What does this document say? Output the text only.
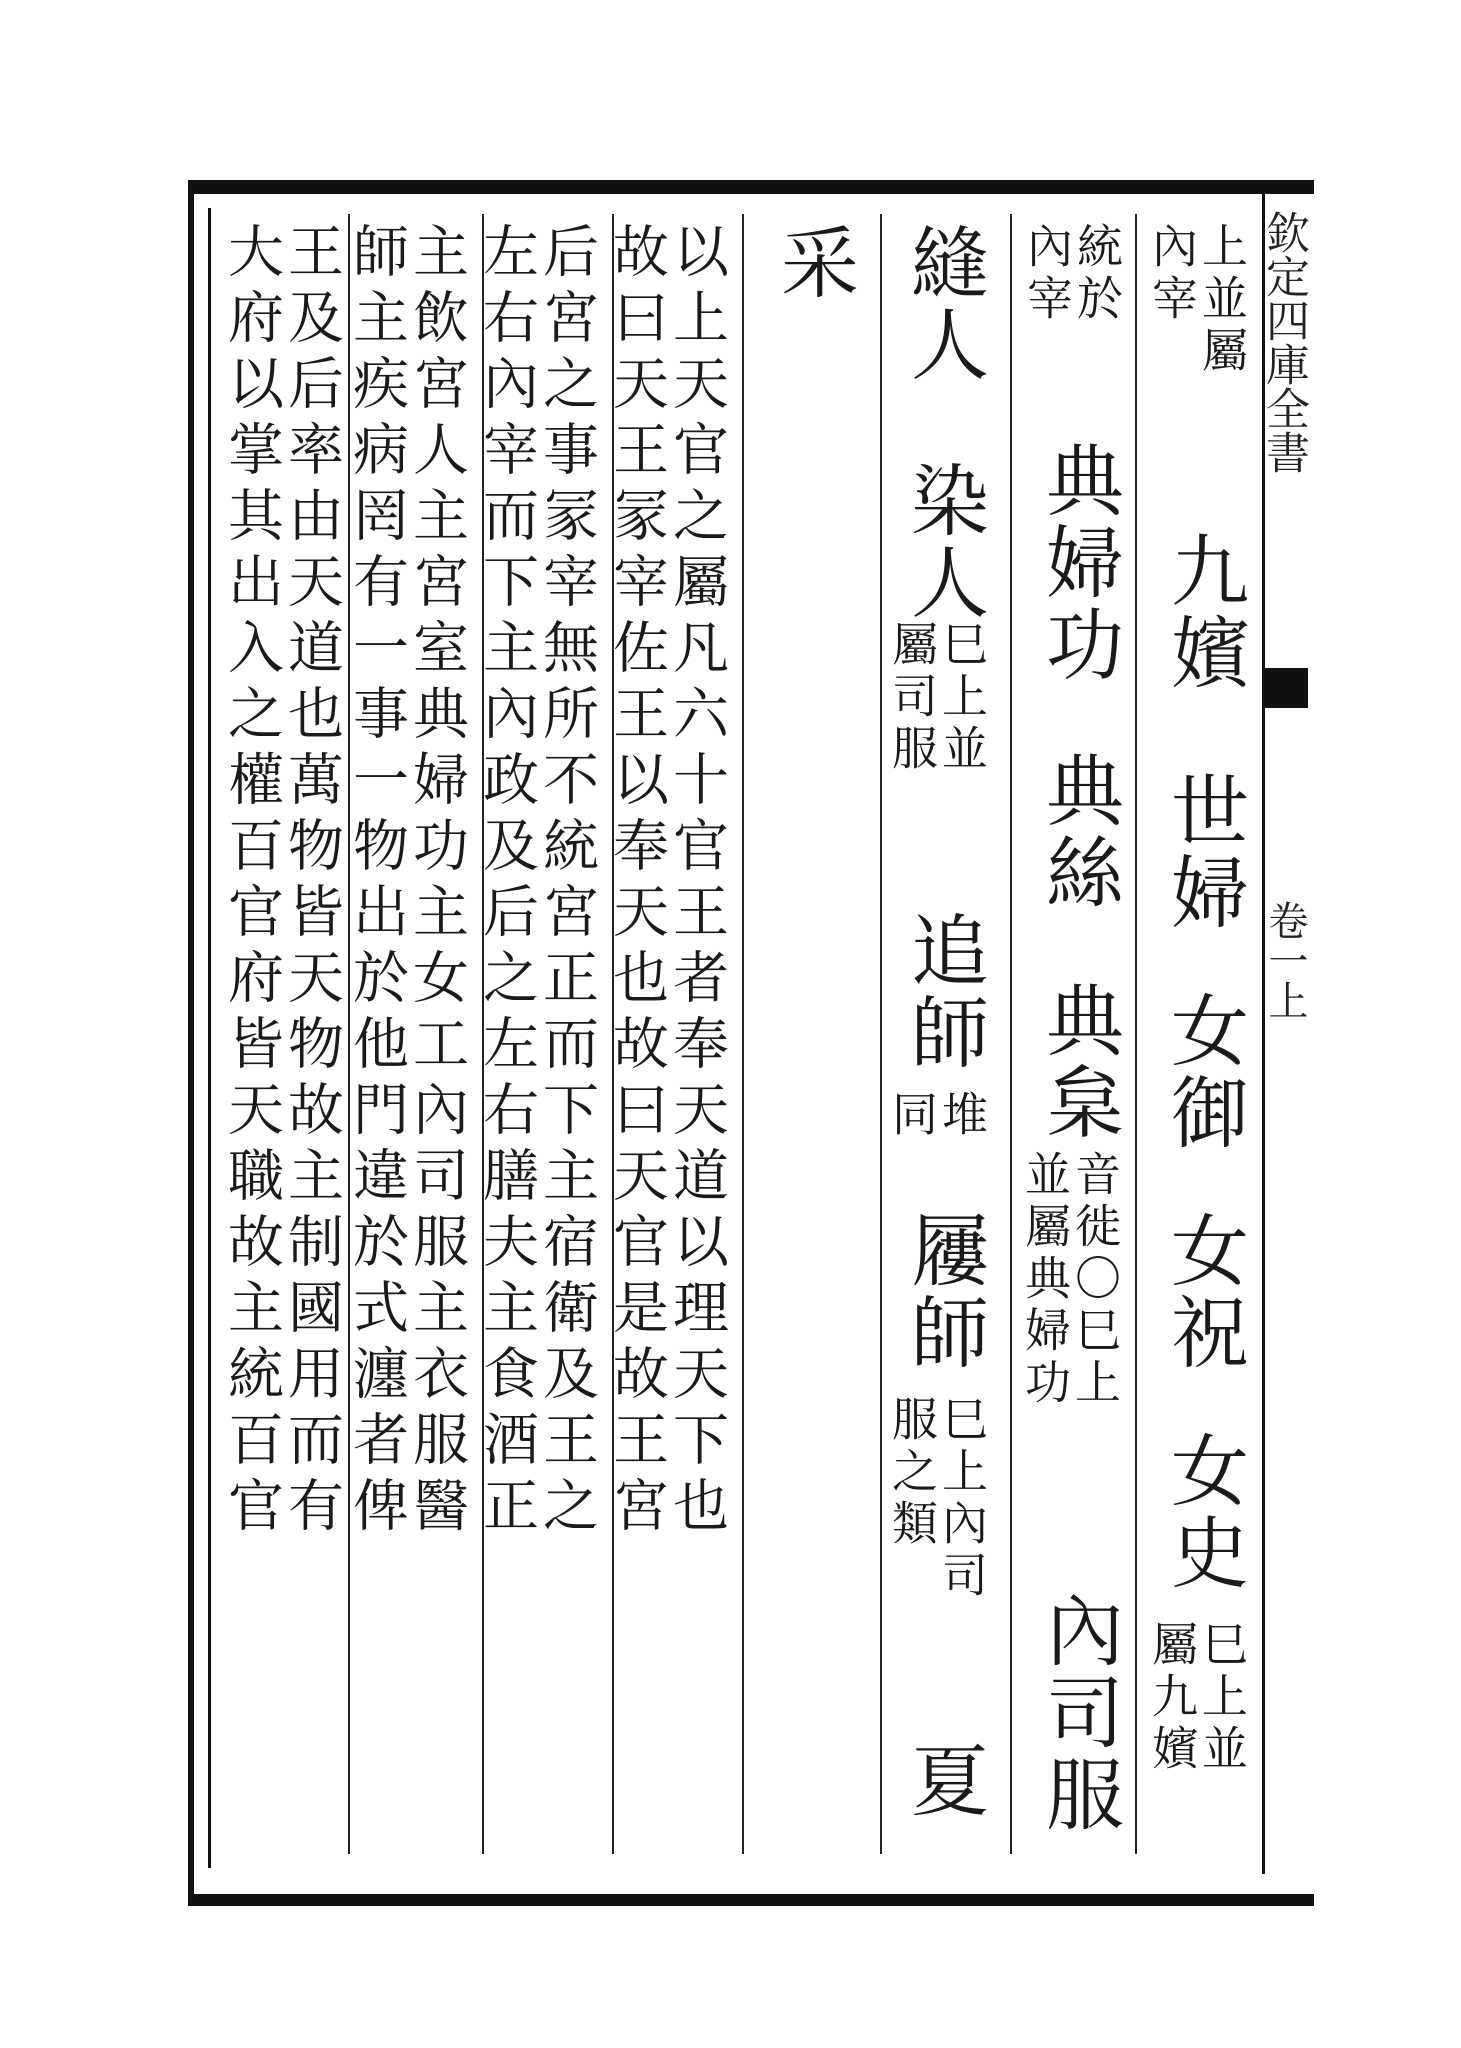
欽定四庫全書
卷一上
上並屬
內宰
九嬪
世婦
女御
女祝
女史
巳上並
屬九嬪
統於
內宰
典婦功
典絲
典枲
音徙〇巳上
並屬典婦功
內司服
縫人
染人
巳上並
屬司服
追師
堆
同
屨師
巳上內司
服之類
夏
采
以上天官之屬凡六十官王者奉天道以理天下也
故曰天王冡宰佐王以奉天也故曰天官是故王宮
后宮之事冡宰無所不統宮正而下主宿衛及王之
左右內宰而下主內政及后之左右膳夫主食酒正
主飲宮人主宮室典婦功主女工內司服主衣服醫
師主疾病罔有一事一物出於他門違於式瀍者俾
王及后率由天道也萬物皆天物故主制國用而有
大府以掌其出入之權百官府皆天職故主統百官
